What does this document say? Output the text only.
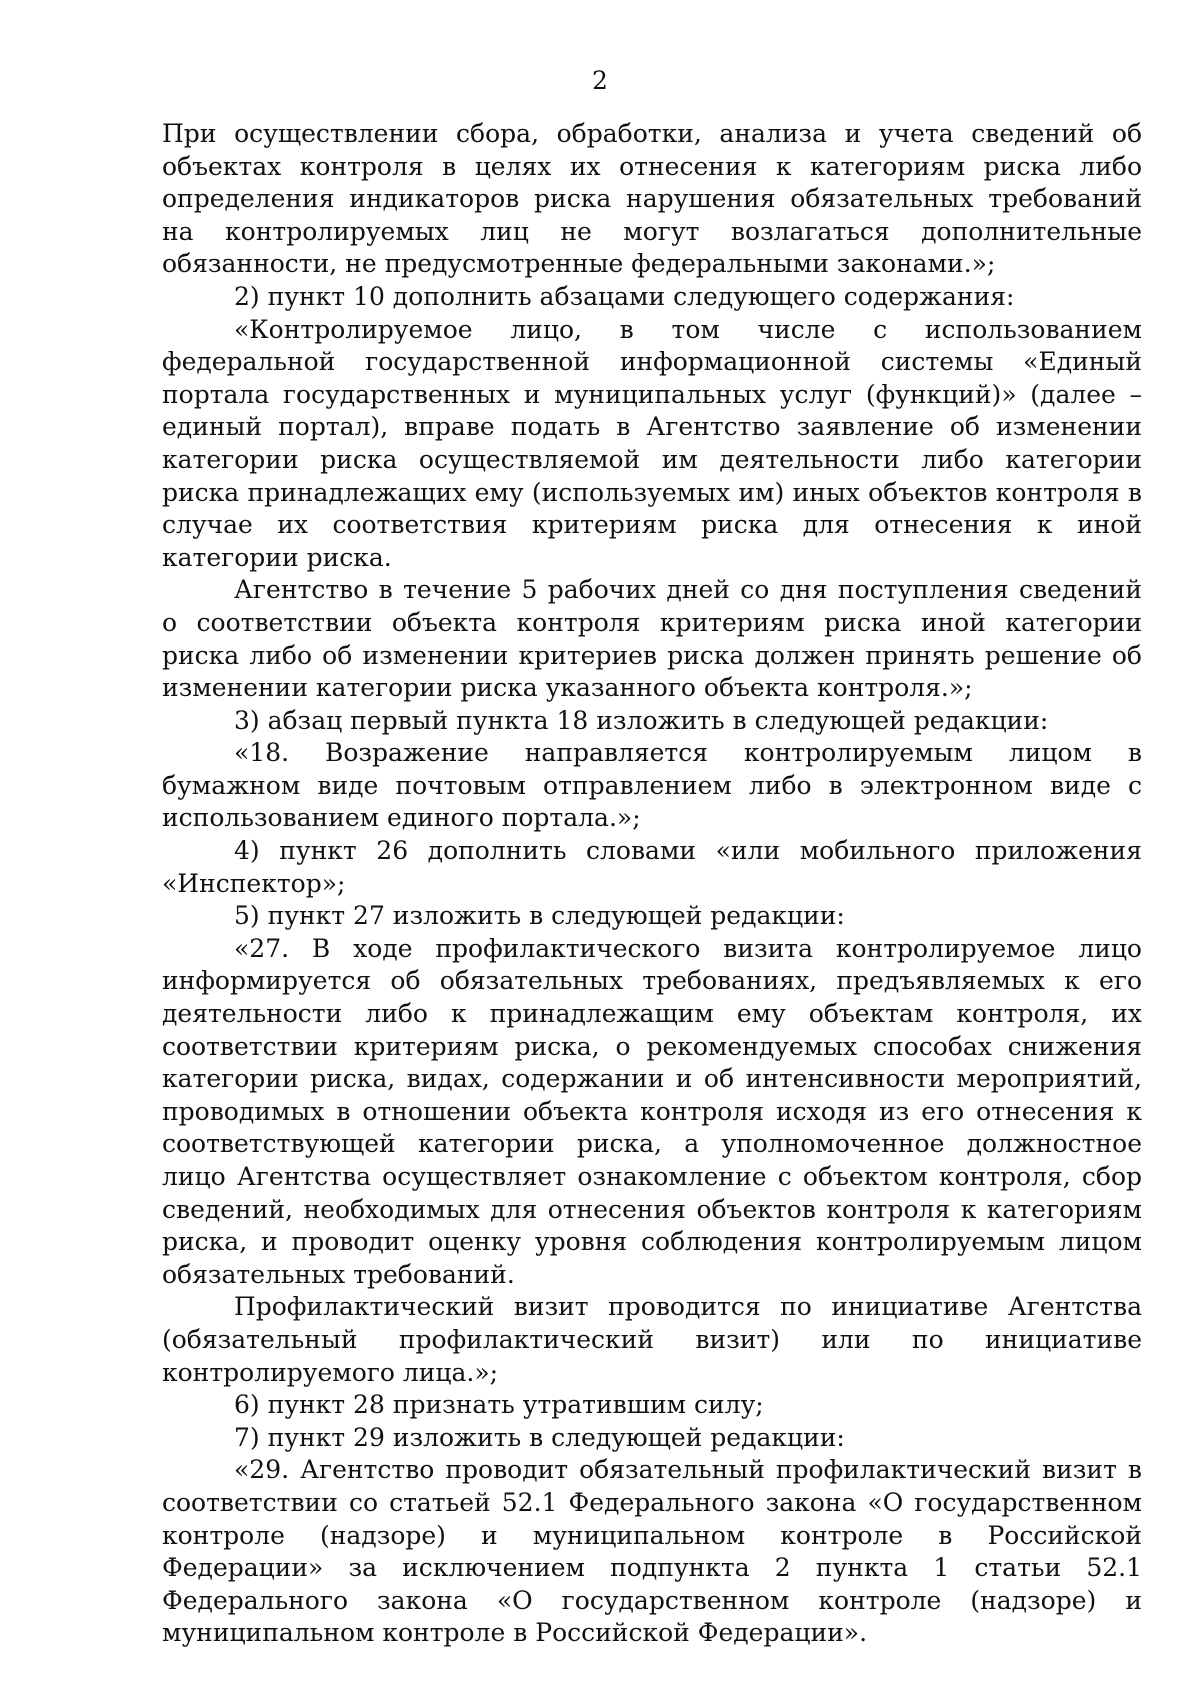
2

При осуществлении сбора, обработки, анализа и учета сведений об объектах контроля в целях их отнесения к категориям риска либо определения индикаторов риска нарушения обязательных требований на контролируемых лиц не могут возлагаться дополнительные обязанности, не предусмотренные федеральными законами.»;

2) пункт 10 дополнить абзацами следующего содержания:

«Контролируемое лицо, в том числе с использованием федеральной государственной информационной системы «Единый портала государственных и муниципальных услуг (функций)» (далее – единый портал), вправе подать в Агентство заявление об изменении категории риска осуществляемой им деятельности либо категории риска принадлежащих ему (используемых им) иных объектов контроля в случае их соответствия критериям риска для отнесения к иной категории риска.

Агентство в течение 5 рабочих дней со дня поступления сведений о соответствии объекта контроля критериям риска иной категории риска либо об изменении критериев риска должен принять решение об изменении категории риска указанного объекта контроля.»;

3) абзац первый пункта 18 изложить в следующей редакции:

«18. Возражение направляется контролируемым лицом в бумажном виде почтовым отправлением либо в электронном виде с использованием единого портала.»;

4) пункт 26 дополнить словами «или мобильного приложения «Инспектор»;

5) пункт 27 изложить в следующей редакции:

«27. В ходе профилактического визита контролируемое лицо информируется об обязательных требованиях, предъявляемых к его деятельности либо к принадлежащим ему объектам контроля, их соответствии критериям риска, о рекомендуемых способах снижения категории риска, видах, содержании и об интенсивности мероприятий, проводимых в отношении объекта контроля исходя из его отнесения к соответствующей категории риска, а уполномоченное должностное лицо Агентства осуществляет ознакомление с объектом контроля, сбор сведений, необходимых для отнесения объектов контроля к категориям риска, и проводит оценку уровня соблюдения контролируемым лицом обязательных требований.

Профилактический визит проводится по инициативе Агентства (обязательный профилактический визит) или по инициативе контролируемого лица.»;

6) пункт 28 признать утратившим силу;

7) пункт 29 изложить в следующей редакции:

«29. Агентство проводит обязательный профилактический визит в соответствии со статьей 52.1 Федерального закона «О государственном контроле (надзоре) и муниципальном контроле в Российской Федерации» за исключением подпункта 2 пункта 1 статьи 52.1 Федерального закона «О государственном контроле (надзоре) и муниципальном контроле в Российской Федерации».
